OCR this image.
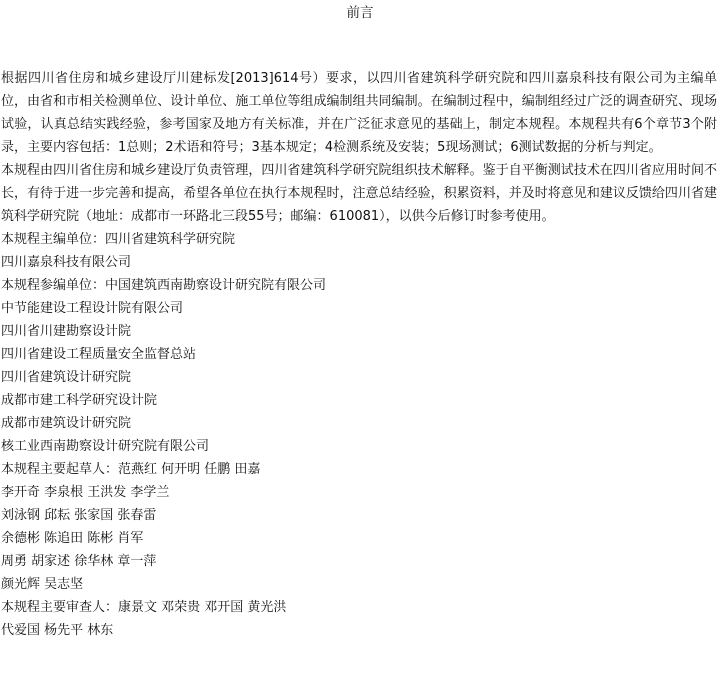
前言

根据四川省住房和城乡建设厅川建标发[2013]614号）要求，以四川省建筑科学研究院和四川嘉泉科技有限公司为主编单位，由省和市相关检测单位、设计单位、施工单位等组成编制组共同编制。在编制过程中，编制组经过广泛的调查研究、现场试验，认真总结实践经验，参考国家及地方有关标准，并在广泛征求意见的基础上，制定本规程。本规程共有6个章节3个附录，主要内容包括：1总则；2术语和符号；3基本规定；4检测系统及安装；5现场测试；6测试数据的分析与判定。

本规程由四川省住房和城乡建设厅负责管理，四川省建筑科学研究院组织技术解释。鉴于自平衡测试技术在四川省应用时间不长，有待于进一步完善和提高，希望各单位在执行本规程时，注意总结经验，积累资料，并及时将意见和建议反馈给四川省建筑科学研究院（地址：成都市一环路北三段55号；邮编：610081），以供今后修订时参考使用。

本规程主编单位：四川省建筑科学研究院
四川嘉泉科技有限公司
本规程参编单位：中国建筑西南勘察设计研究院有限公司
中节能建设工程设计院有限公司
四川省川建勘察设计院
四川省建设工程质量安全监督总站
四川省建筑设计研究院
成都市建工科学研究设计院
成都市建筑设计研究院
核工业西南勘察设计研究院有限公司
本规程主要起草人：范燕红 何开明 任鹏 田嘉
李开奇 李泉根 王洪发 李学兰
刘泳钢 邱耘 张家国 张春雷
余德彬 陈追田 陈彬 肖军
周勇 胡家述 徐华林 章一萍
颜光辉 吴志坚
本规程主要审查人：康景文 邓荣贵 邓开国 黄光洪
代爱国 杨先平 林东
